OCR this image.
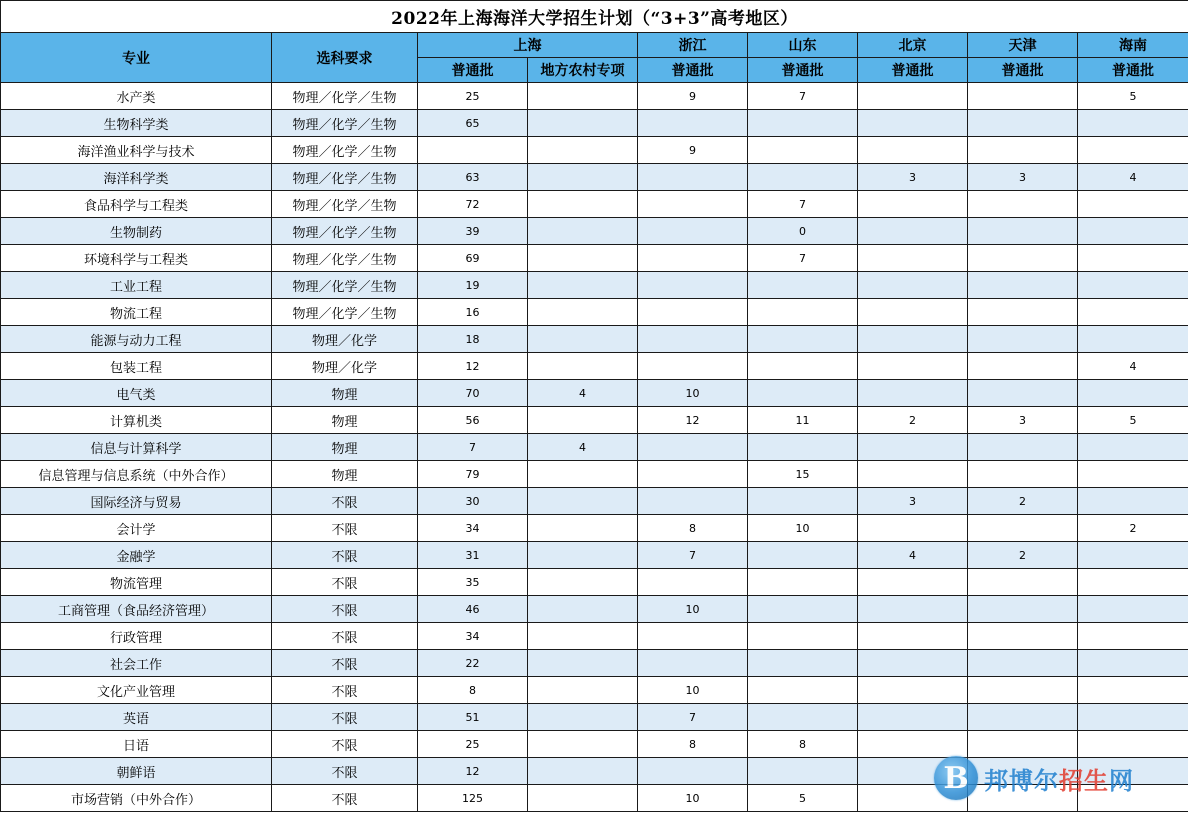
2022年上海海洋大学招生计划（“3+3”高考地区）								
专业	选科要求	上海		浙江	山东	北京	天津	海南
		普通批	地方农村专项	普通批	普通批	普通批	普通批	普通批
水产类	物理／化学／生物	25		9	7			5
生物科学类	物理／化学／生物	65						
海洋渔业科学与技术	物理／化学／生物			9				
海洋科学类	物理／化学／生物	63				3	3	4
食品科学与工程类	物理／化学／生物	72			7			
生物制药	物理／化学／生物	39			0			
环境科学与工程类	物理／化学／生物	69			7			
工业工程	物理／化学／生物	19						
物流工程	物理／化学／生物	16						
能源与动力工程	物理／化学	18						
包装工程	物理／化学	12						4
电气类	物理	70	4	10				
计算机类	物理	56		12	11	2	3	5
信息与计算科学	物理	7	4					
信息管理与信息系统（中外合作）	物理	79			15			
国际经济与贸易	不限	30				3	2	
会计学	不限	34		8	10			2
金融学	不限	31		7		4	2	
物流管理	不限	35						
工商管理（食品经济管理）	不限	46		10				
行政管理	不限	34						
社会工作	不限	22						
文化产业管理	不限	8		10				
英语	不限	51		7				
日语	不限	25		8	8			
朝鲜语	不限	12						
市场营销（中外合作）	不限	125		10	5			
B 邦博尔招生网
